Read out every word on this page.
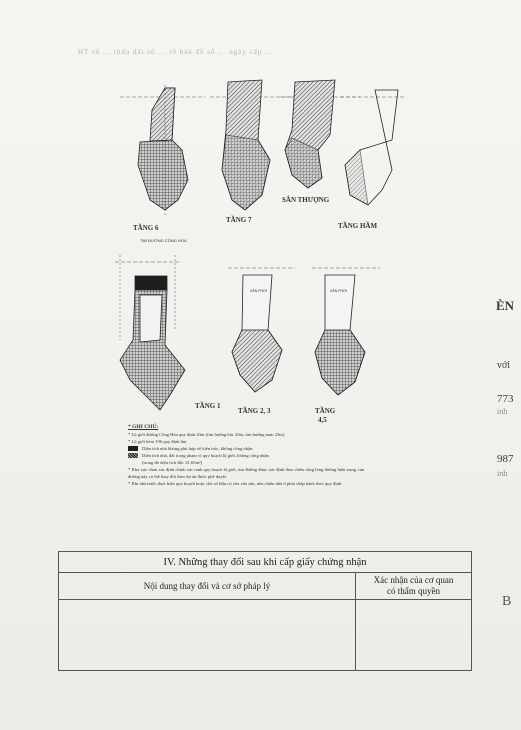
HT số ... thửa đất số ... tờ bản đồ số ... ngày cấp ...
TIM ĐƯỜNG CỘNG HÒA
SÂN PHƠI	SÂN PHƠI
TẦNG 6
TẦNG 7
SÂN THƯỢNG
TẦNG HẦM
TẦNG 1
TẦNG 2, 3	TẦNG
4,5
* GHI CHÚ:
* Lộ giới đường Cộng Hòa quy định 43m (tim hướng bắc 20m, tim hướng nam 23m)
* Lộ giới hẻm 196 quy định 6m
Diện tích nhà không phù hợp về kiến trúc, không công nhận.
Diện tích nhà, đất trong phạm vi quy hoạch lộ giới, không công nhận
(trong đó diện tích đất: 21,65m²)
* Khu vực chưa xác định chính xác ranh quy hoạch lộ giới, tim đường được xác định theo chiều rộng lòng đường hiện trạng, tim đường này có thể thay đổi theo dự án được phê duyệt.
* Khi nhà nước thực hiện quy hoạch hoặc chủ sở hữu có yêu cầu sửa, nếu chiều nhà ở phải chấp hành theo quy định.
ÈN
với
773
inh
987
inh
B
IV. Những thay đổi sau khi cấp giấy chứng nhận	
Nội dung thay đổi và cơ sở pháp lý	Xác nhận của cơ quan
có thẩm quyền
